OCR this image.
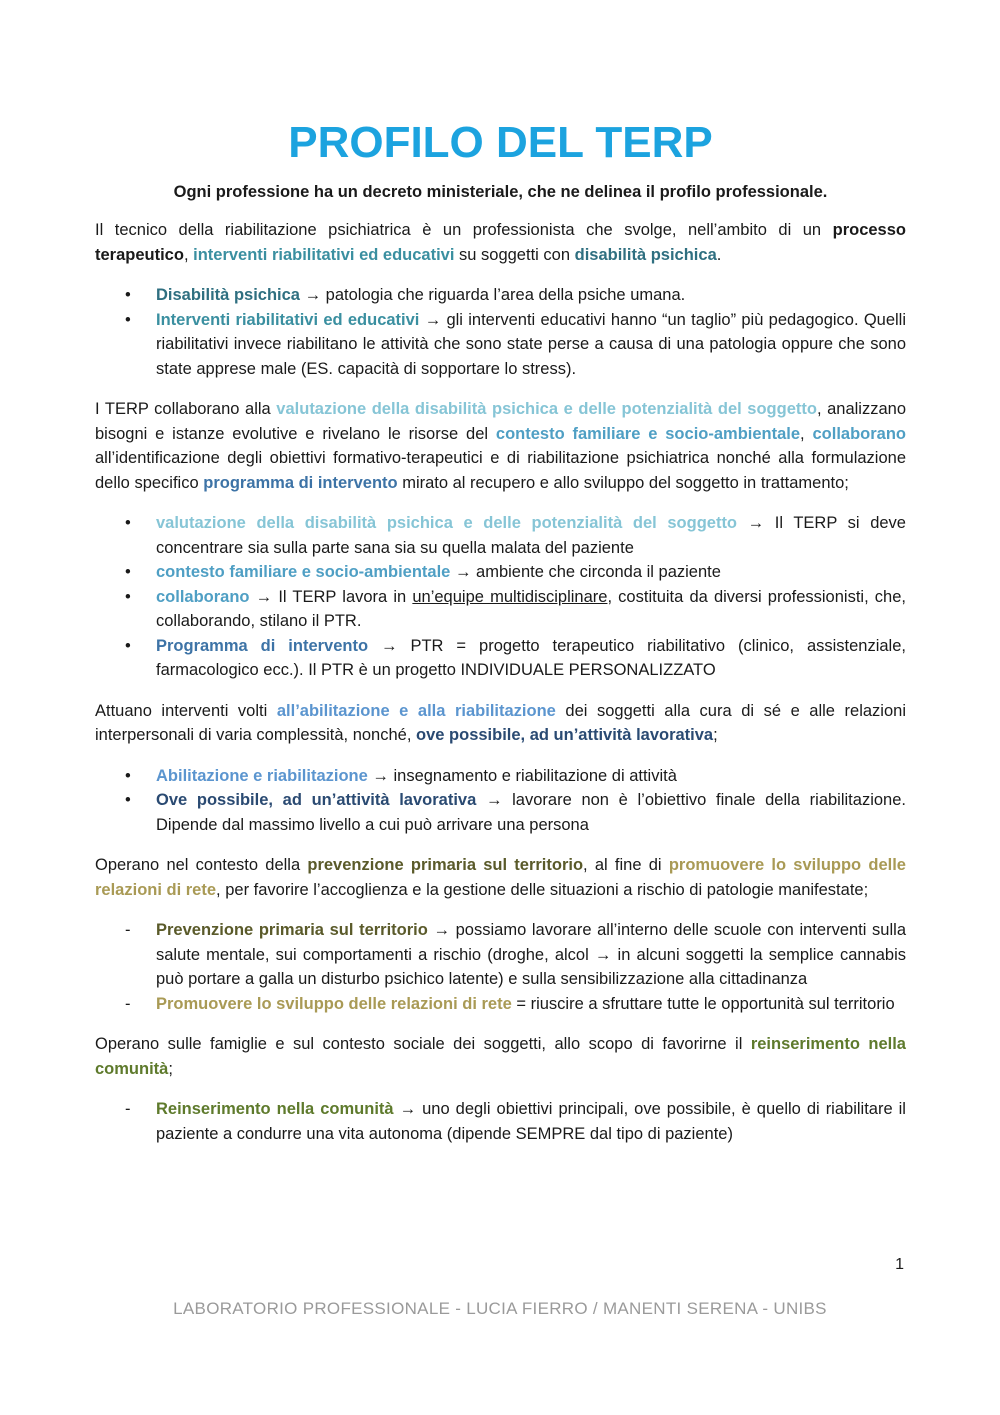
PROFILO DEL TERP
Ogni professione ha un decreto ministeriale, che ne delinea il profilo professionale.

Il tecnico della riabilitazione psichiatrica è un professionista che svolge, nell’ambito di un processo terapeutico, interventi riabilitativi ed educativi su soggetti con disabilità psichica.

• Disabilità psichica → patologia che riguarda l’area della psiche umana.
• Interventi riabilitativi ed educativi → gli interventi educativi hanno “un taglio” più pedagogico. Quelli riabilitativi invece riabilitano le attività che sono state perse a causa di una patologia oppure che sono state apprese male (ES. capacità di sopportare lo stress).

I TERP collaborano alla valutazione della disabilità psichica e delle potenzialità del soggetto, analizzano bisogni e istanze evolutive e rivelano le risorse del contesto familiare e socio-ambientale, collaborano all’identificazione degli obiettivi formativo-terapeutici e di riabilitazione psichiatrica nonché alla formulazione dello specifico programma di intervento mirato al recupero e allo sviluppo del soggetto in trattamento;

• valutazione della disabilità psichica e delle potenzialità del soggetto → Il TERP si deve concentrare sia sulla parte sana sia su quella malata del paziente
• contesto familiare e socio-ambientale → ambiente che circonda il paziente
• collaborano → Il TERP lavora in un’equipe multidisciplinare, costituita da diversi professionisti, che, collaborando, stilano il PTR.
• Programma di intervento → PTR = progetto terapeutico riabilitativo (clinico, assistenziale, farmacologico ecc.). Il PTR è un progetto INDIVIDUALE PERSONALIZZATO

Attuano interventi volti all’abilitazione e alla riabilitazione dei soggetti alla cura di sé e alle relazioni interpersonali di varia complessità, nonché, ove possibile, ad un’attività lavorativa;

• Abilitazione e riabilitazione → insegnamento e riabilitazione di attività
• Ove possibile, ad un’attività lavorativa → lavorare non è l’obiettivo finale della riabilitazione. Dipende dal massimo livello a cui può arrivare una persona

Operano nel contesto della prevenzione primaria sul territorio, al fine di promuovere lo sviluppo delle relazioni di rete, per favorire l’accoglienza e la gestione delle situazioni a rischio di patologie manifestate;

- Prevenzione primaria sul territorio → possiamo lavorare all’interno delle scuole con interventi sulla salute mentale, sui comportamenti a rischio (droghe, alcol → in alcuni soggetti la semplice cannabis può portare a galla un disturbo psichico latente) e sulla sensibilizzazione alla cittadinanza
- Promuovere lo sviluppo delle relazioni di rete = riuscire a sfruttare tutte le opportunità sul territorio

Operano sulle famiglie e sul contesto sociale dei soggetti, allo scopo di favorirne il reinserimento nella comunità;

- Reinserimento nella comunità → uno degli obiettivi principali, ove possibile, è quello di riabilitare il paziente a condurre una vita autonoma (dipende SEMPRE dal tipo di paziente)
1
LABORATORIO PROFESSIONALE - LUCIA FIERRO / MANENTI SERENA - UNIBS
